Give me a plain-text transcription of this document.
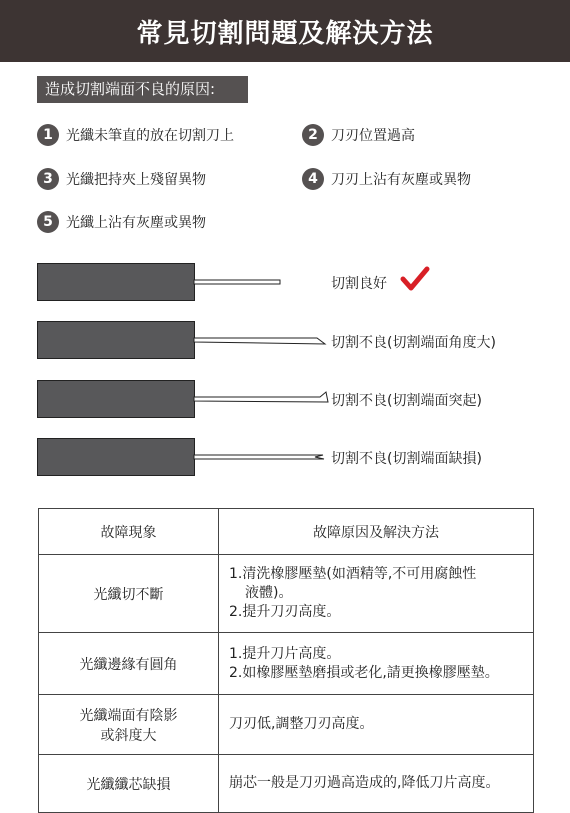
常見切割問題及解決方法
造成切割端面不良的原因:
1 光纖未筆直的放在切割刀上	2 刀刃位置過高
3 光纖把持夾上殘留異物	4 刀刃上沾有灰塵或異物
5 光纖上沾有灰塵或異物
切割良好
切割不良(切割端面角度大)
切割不良(切割端面突起)
切割不良(切割端面缺損)
故障現象	故障原因及解決方法

光纖切不斷	1.清洗橡膠壓墊(如酒精等,不可用腐蝕性
液體)。
2.提升刀刃高度。

光纖邊緣有圓角	1.提升刀片高度。
2.如橡膠壓墊磨損或老化,請更換橡膠壓墊。

光纖端面有陰影
或斜度大	刀刃低,調整刀刃高度。

光纖纖芯缺損	崩芯一般是刀刃過高造成的,降低刀片高度。
